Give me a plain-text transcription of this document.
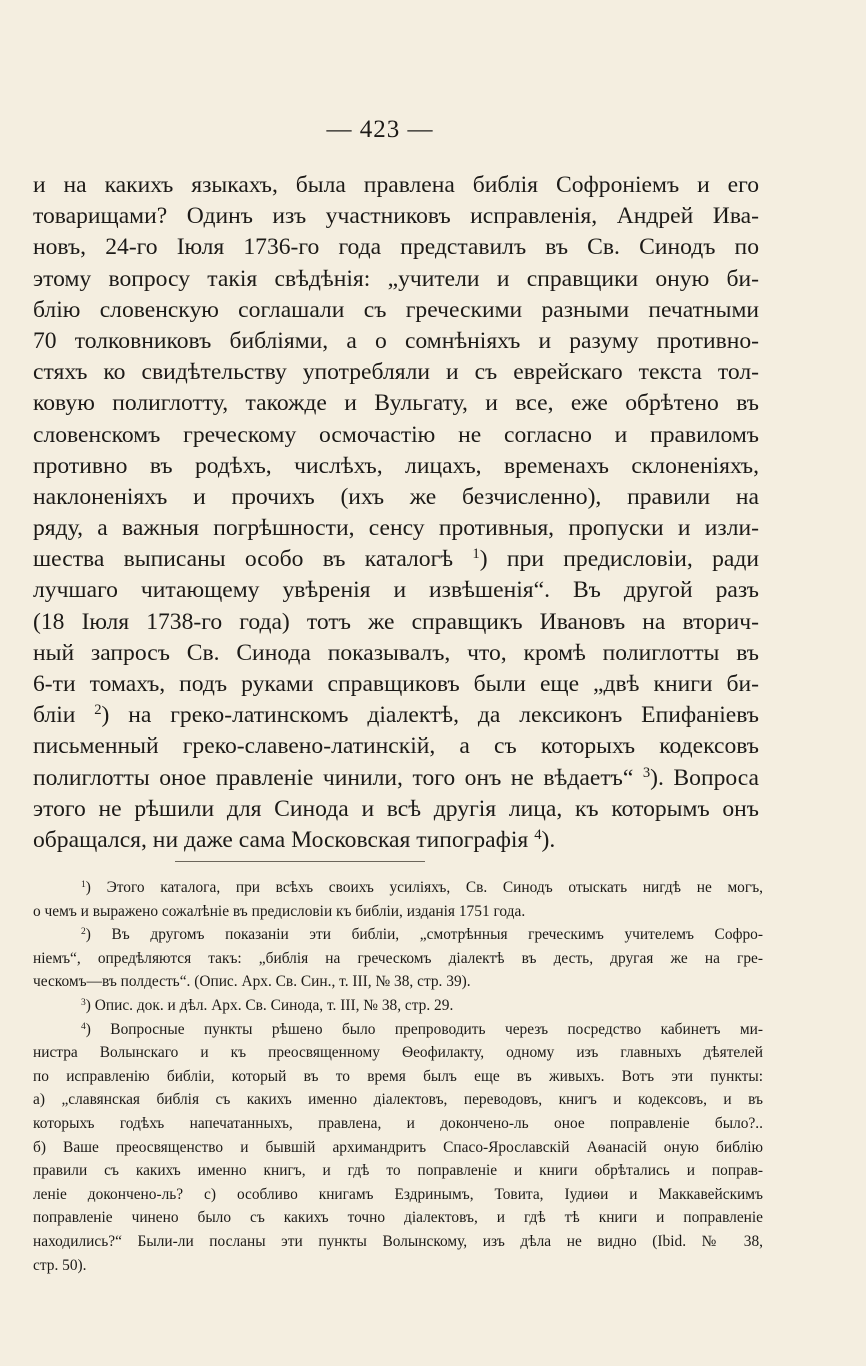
— 423 —
и на какихъ языкахъ, была правлена библія Софроніемъ и его
товарищами? Одинъ изъ участниковъ исправленія, Андрей Ива-
новъ, 24-го Іюля 1736-го года представилъ въ Св. Синодъ по
этому вопросу такія свѣдѣнія: „учители и справщики оную би-
блію словенскую соглашали съ греческими разными печатными
70 толковниковъ библіями, а о сомнѣніяхъ и разуму противно-
стяхъ ко свидѣтельству употребляли и съ еврейскаго текста тол-
ковую полиглотту, такожде и Вульгату, и все, еже обрѣтено въ
словенскомъ греческому осмочастію не согласно и правиломъ
противно въ родѣхъ, числѣхъ, лицахъ, временахъ склоненіяхъ,
наклоненіяхъ и прочихъ (ихъ же безчисленно), правили на
ряду, а важныя погрѣшности, сенсу противныя, пропуски и изли-
шества выписаны особо въ каталогѣ $^1$) при предисловіи, ради
лучшаго читающему увѣренія и извѣшенія“. Въ другой разъ
(18 Іюля 1738-го года) тотъ же справщикъ Ивановъ на вторич-
ный запросъ Св. Синода показывалъ, что, кромѣ полиглотты въ
6-ти томахъ, подъ руками справщиковъ были еще „двѣ книги би-
бліи $^2$) на греко-латинскомъ діалектѣ, да лексиконъ Епифаніевъ
письменный греко-славено-латинскій, а съ которыхъ кодексовъ
полиглотты оное правленіе чинили, того онъ не вѣдаетъ“ $^3$). Вопроса
этого не рѣшили для Синода и всѣ другія лица, къ которымъ онъ
обращался, ни даже сама Московская типографія $^4$).
$^1$) Этого каталога, при всѣхъ своихъ усиліяхъ, Св. Синодъ отыскать нигдѣ не могъ,
о чемъ и выражено сожалѣніе въ предисловіи къ библіи, изданія 1751 года.
$^2$) Въ другомъ показаніи эти библіи, „смотрѣнныя греческимъ учителемъ Софро-
ніемъ“, опредѣляются такъ: „библія на греческомъ діалектѣ въ десть, другая же на гре-
ческомъ—въ полдесть“. (Опис. Арх. Св. Син., т. III, № 38, стр. 39).
$^3$) Опис. док. и дѣл. Арх. Св. Синода, т. III, № 38, стр. 29.
$^4$) Вопросные пункты рѣшено было препроводить черезъ посредство кабинетъ ми-
нистра Волынскаго и къ преосвященному Ѳеофилакту, одному изъ главныхъ дѣятелей
по исправленію библіи, который въ то время былъ еще въ живыхъ. Вотъ эти пункты:
а) „славянская библія съ какихъ именно діалектовъ, переводовъ, книгъ и кодексовъ, и въ
которыхъ годѣхъ напечатанныхъ, правлена, и докончено-ль оное поправленіе было?..
б) Ваше преосвященство и бывшій архимандритъ Спасо-Ярославскій Аѳанасій оную библію
правили съ какихъ именно книгъ, и гдѣ то поправленіе и книги обрѣтались и поправ-
леніе докончено-ль? с) особливо книгамъ Ездринымъ, Товита, Іудиѳи и Маккавейскимъ
поправленіе чинено было съ какихъ точно діалектовъ, и гдѣ тѣ книги и поправленіе
находились?“ Были-ли посланы эти пункты Волынскому, изъ дѣла не видно (Ibid. № 38,
стр. 50).
